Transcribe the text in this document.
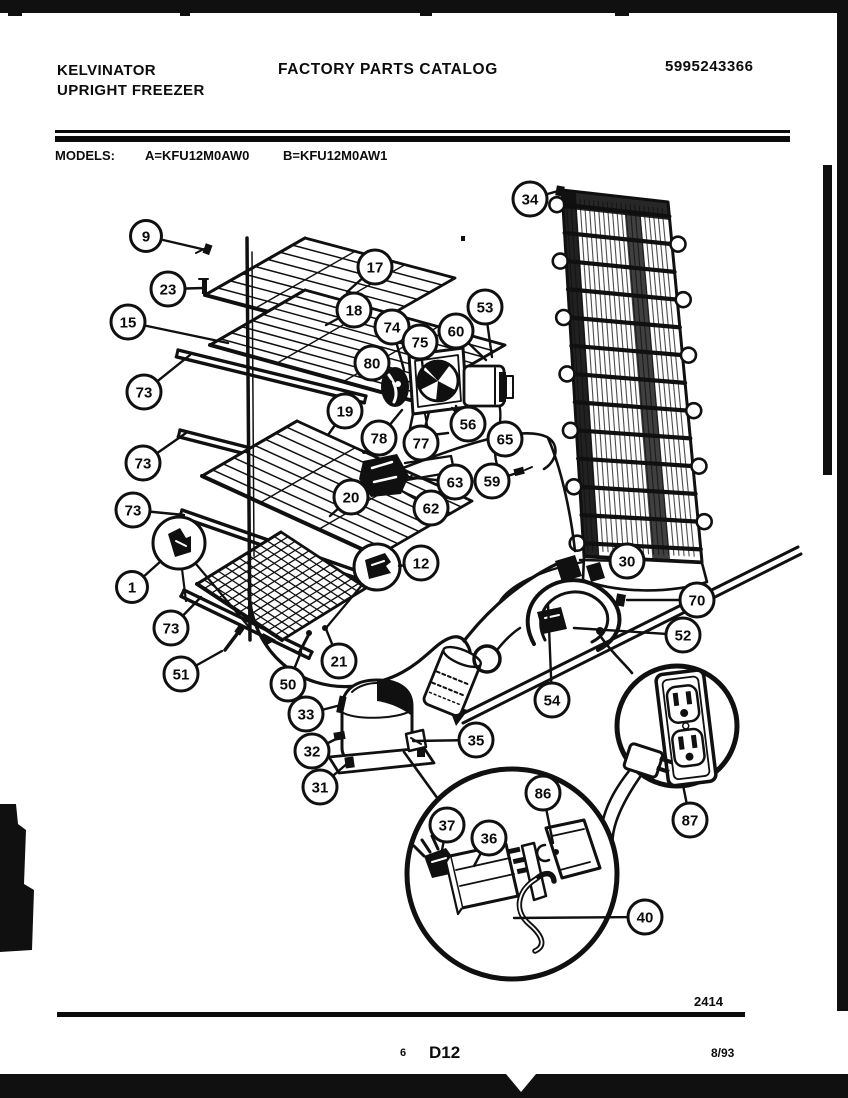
KELVINATOR
UPRIGHT FREEZER
FACTORY PARTS CATALOG	5995243366
MODELS: A=KFU12M0AW0	B=KFU12M0AW1
9
23
17
18
15
73
73
73
73
1
12
19
20
21
51
50
33
32
31
35
34
74
75
80
53
60
78 77
56
65
63 59
62
30
70
52
54
86
37
36
40
87
2414
6 D12	8/93
